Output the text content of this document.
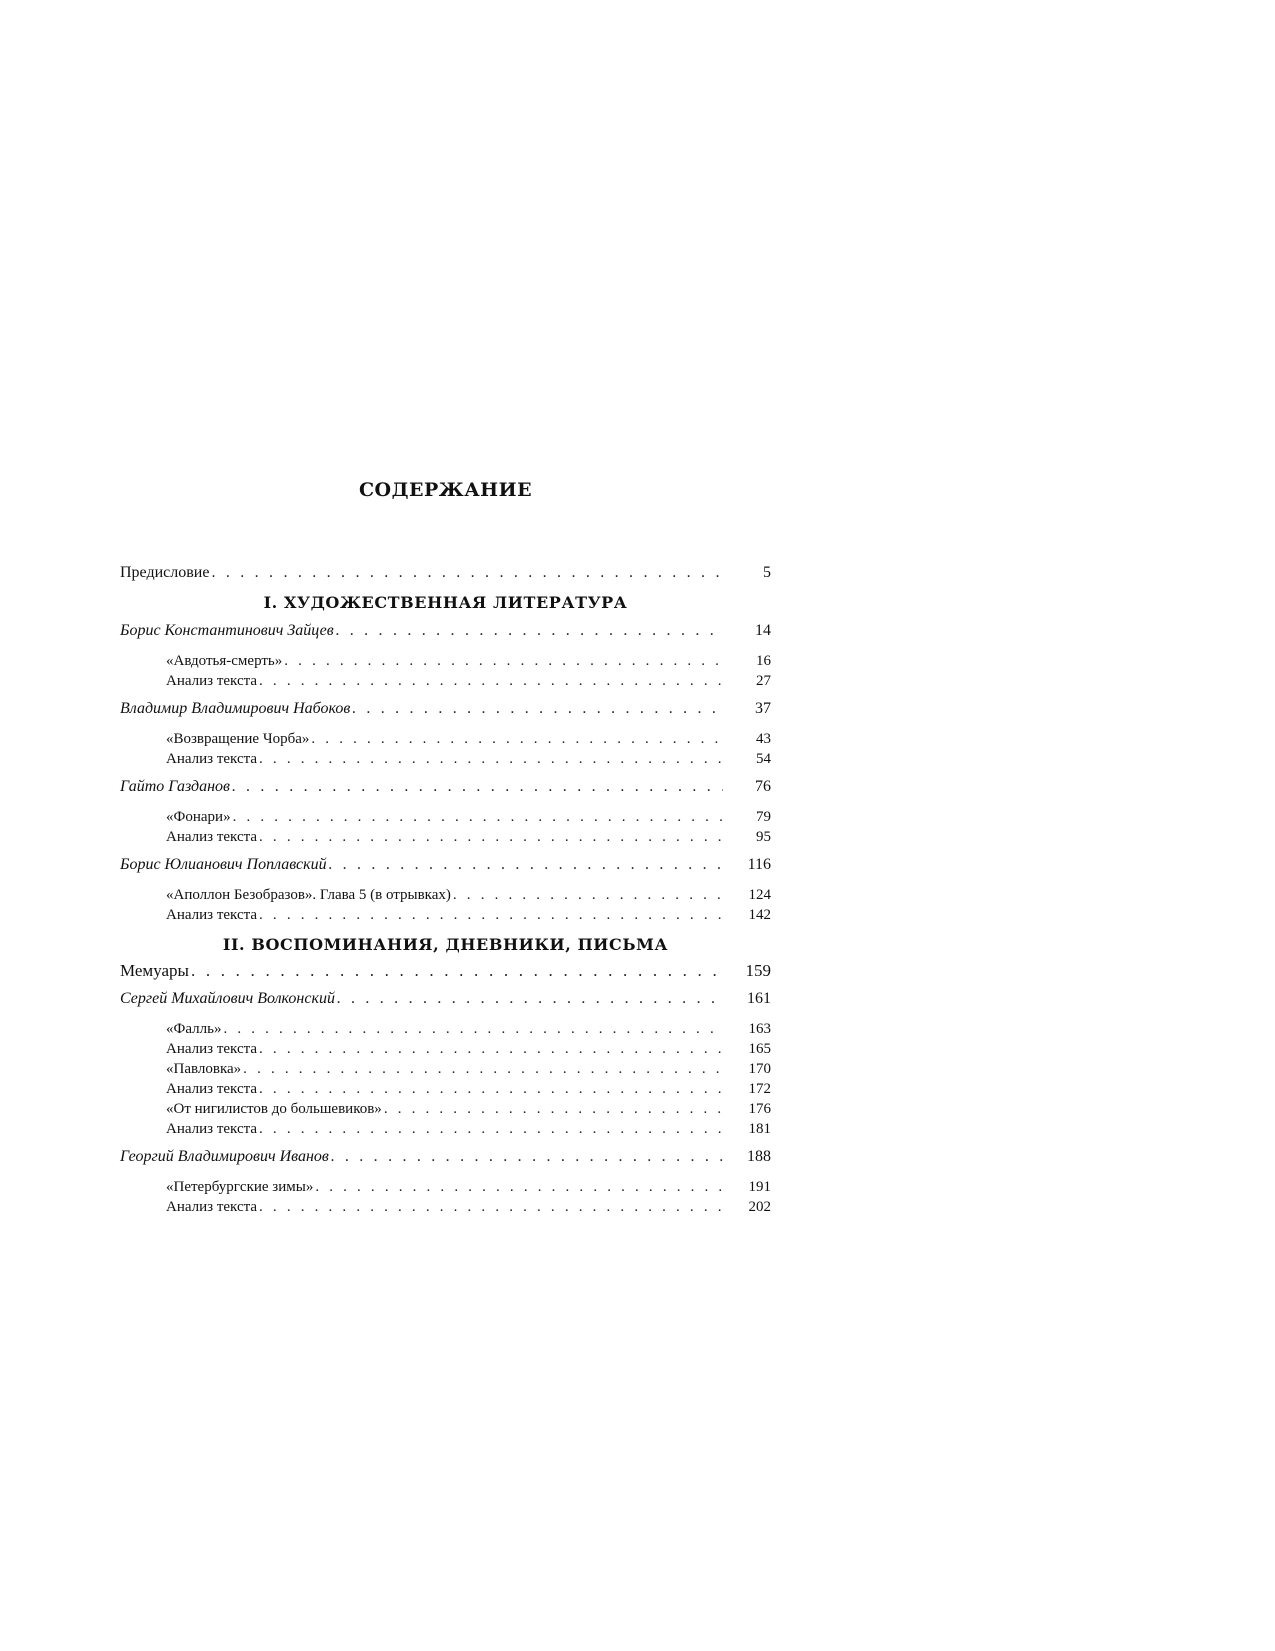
СОДЕРЖАНИЕ
Предисловие . . .	5
I. ХУДОЖЕСТВЕННАЯ ЛИТЕРАТУРА
Борис Константинович Зайцев . . .	14
«Авдотья-смерть» . . .	16
Анализ текста . . .	27
Владимир Владимирович Набоков . . .	37
«Возвращение Чорба» . . .	43
Анализ текста . . .	54
Гайто Газданов . . .	76
«Фонари» . . .	79
Анализ текста . . .	95
Борис Юлианович Поплавский . . .	116
«Аполлон Безобразов». Глава 5 (в отрывках) . . .	124
Анализ текста . . .	142
II. ВОСПОМИНАНИЯ, ДНЕВНИКИ, ПИСЬМА
Мемуары . . .	159
Сергей Михайлович Волконский . . .	161
«Фалль» . . .	163
Анализ текста . . .	165
«Павловка» . . .	170
Анализ текста . . .	172
«От нигилистов до большевиков» . . .	176
Анализ текста . . .	181
Георгий Владимирович Иванов . . .	188
«Петербургские зимы» . . .	191
Анализ текста . . .	202
